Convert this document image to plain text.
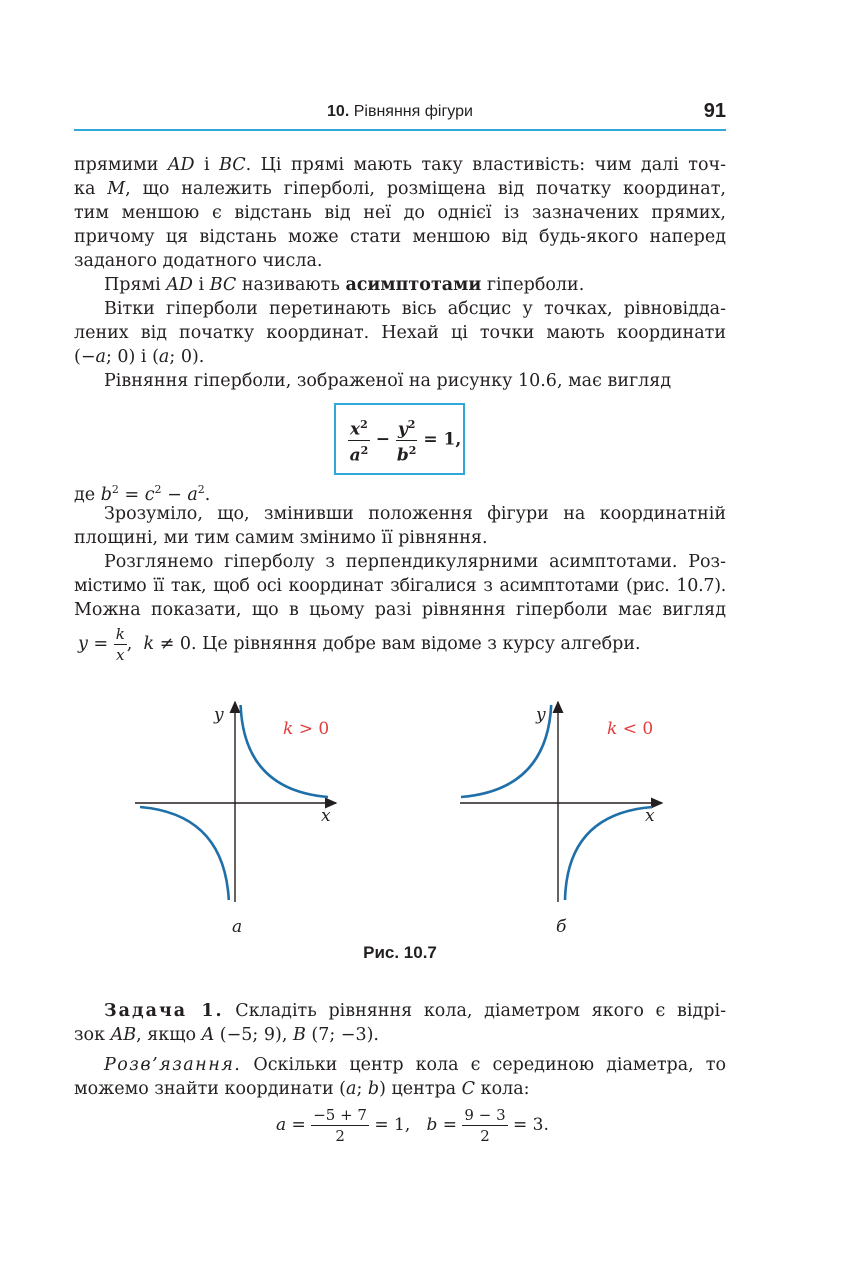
10. Рівняння фігури	91
прямими AD і BC. Ці прямі мають таку властивість: чим далі точ-
ка M, що належить гіперболі, розміщена від початку координат,
тим меншою є відстань від неї до однієї із зазначених прямих,
причому ця відстань може стати меншою від будь-якого наперед
заданого додатного числа.
Прямі AD і BC називають асимптотами гіперболи.
Вітки гіперболи перетинають вісь абсцис у точках, рівновідда-
лених від початку координат. Нехай ці точки мають координати
(−a; 0) і (a; 0).
Рівняння гіперболи, зображеної на рисунку 10.6, має вигляд
$\frac{x^2}{a^2} - \frac{y^2}{b^2} = 1$,
де $b^2 = c^2 - a^2$.
Зрозуміло, що, змінивши положення фігури на координатній
площині, ми тим самим змінимо її рівняння.
Розглянемо гіперболу з перпендикулярними асимптотами. Роз-
містимо її так, щоб осі координат збігалися з асимптотами (рис. 10.7).
Можна показати, що в цьому разі рівняння гіперболи має вигляд
$y = \frac{k}{x}$ ,  k ≠ 0. Це рівняння добре вам відоме з курсу алгебри.
y
x
k > 0
а
y
x
k < 0
б
Рис. 10.7
Задача 1. Складіть рівняння кола, діаметром якого є відрі-
зок AB, якщо A (−5; 9), B (7; −3).
Розв’язання. Оскільки центр кола є серединою діаметра, то
можемо знайти координати (a; b) центра C кола:
$a = \frac{-5 + 7}{2} = 1$, $b = \frac{9 - 3}{2} = 3$.
